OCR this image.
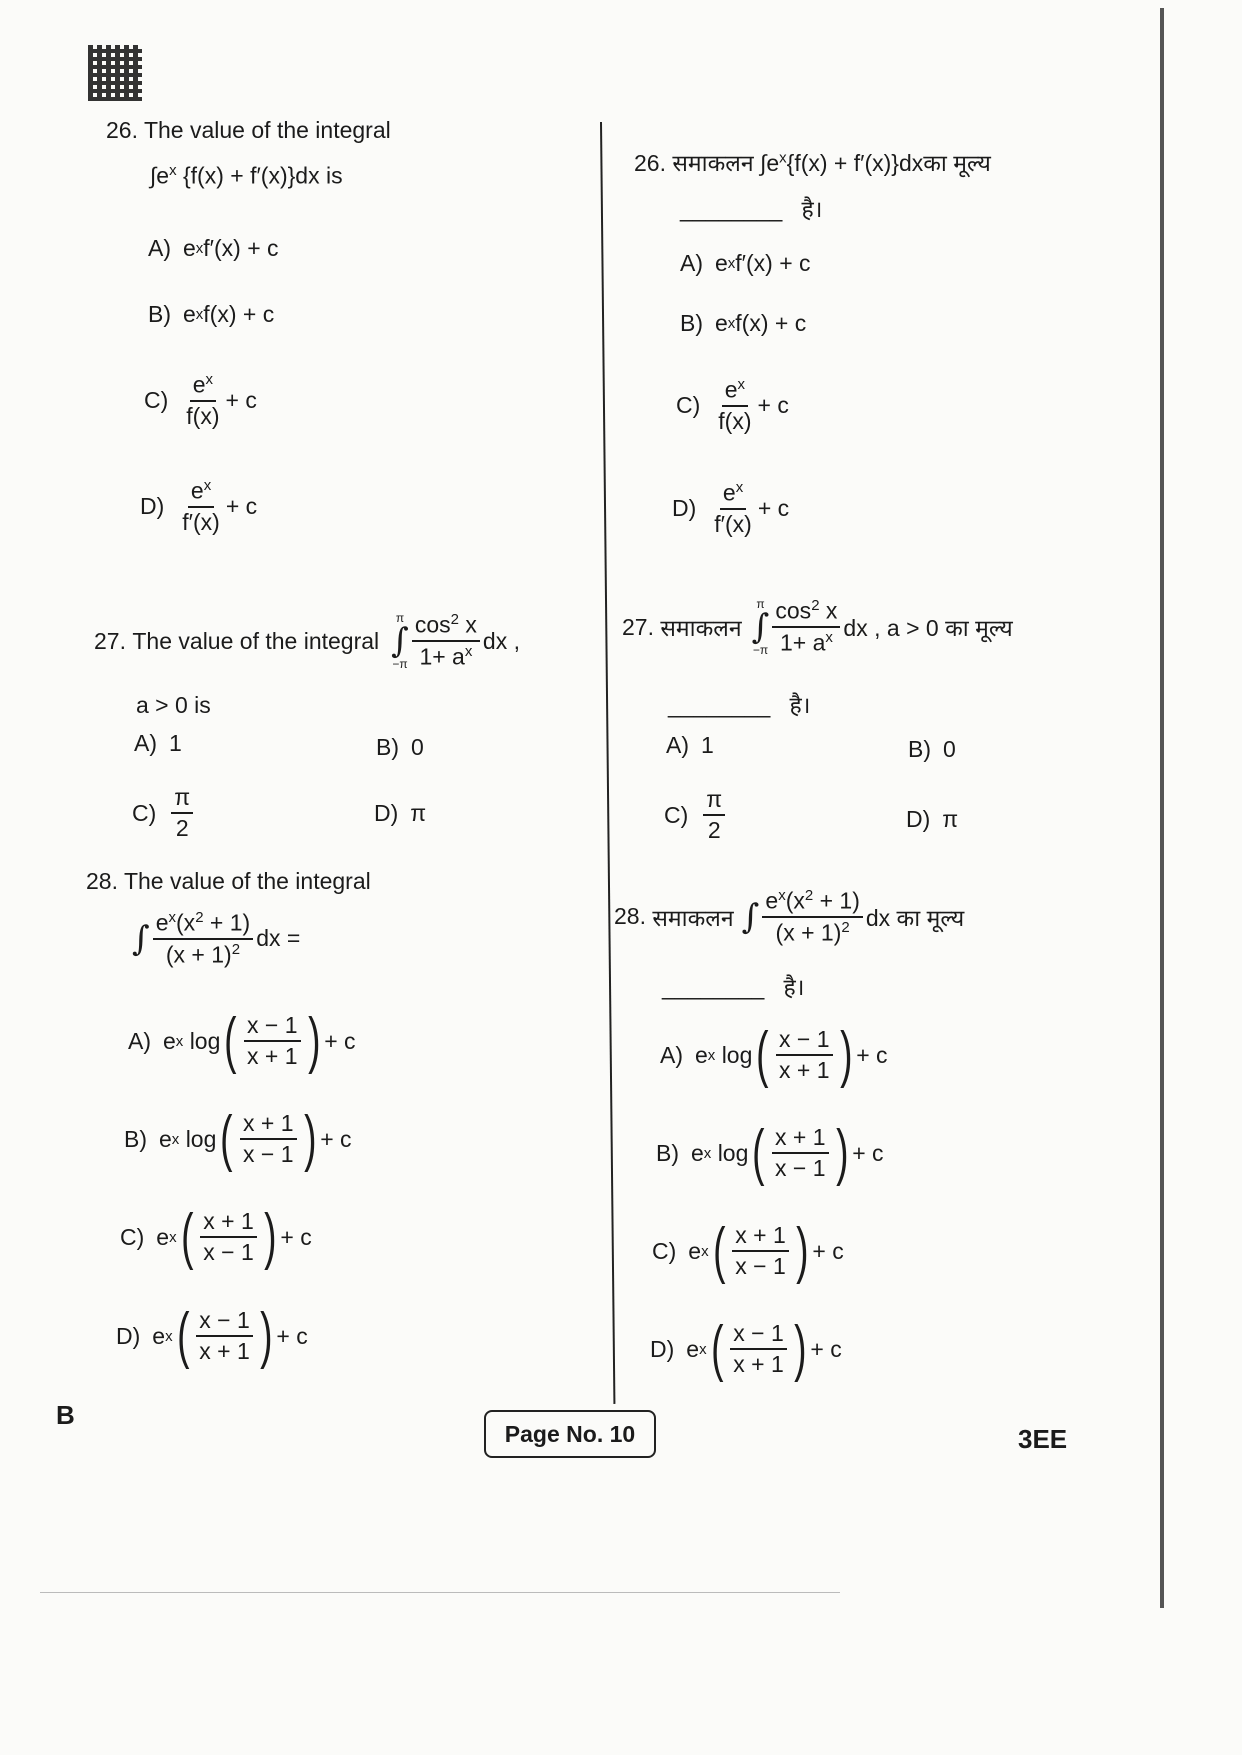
26. The value of the integral
$\int e^x$ {f(x) + f′(x)}dx is
A) e x f′(x) + c
B) e x f(x) + c
$C) \frac{e^x}{f(x)} + c$
$D) \frac{e^x}{f'(x)} + c$
27.
The value of the integral
π
∫
$-\pi \frac{\cos^2 x}{1+ a^x}$ dx ,
a > 0 is
A) 1	B) 0
$C) \frac{\pi}{2}$	D) π
28. The value of the integral
∫ $\frac{e^x(x^2 + 1)}{(x + 1)^2}$ dx =
A) e x
log ( $\frac{x - 1}{x + 1}$ ) + c
B) e x
log ( $\frac{x + 1}{x - 1}$ ) + c
C) e x ( $\frac{x + 1}{x - 1}$ ) + c
D) e x ( $\frac{x - 1}{x + 1}$ ) + c
26. समाकलन $\int e^x\{f(x)$ + f′(x)}dxका मूल्य
________ है।
A) e x f′(x) + c
B) e x f(x) + c
$C) \frac{e^x}{f(x)} + c$
$D) \frac{e^x}{f'(x)} + c$
27.
समाकलन
π
∫
$-\pi \frac{\cos^2 x}{1+ a^x}$ dx , a > 0 का मूल्य
________ है।
A) 1	B) 0
$C) \frac{\pi}{2}$	D) π
28.
समाकलन ∫ $\frac{e^x(x^2 + 1)}{(x + 1)^2}$ dx का मूल्य
________ है।
A) e x
log ( $\frac{x - 1}{x + 1}$ ) + c
B) e x
log ( $\frac{x + 1}{x - 1}$ ) + c
C) e x ( $\frac{x + 1}{x - 1}$ ) + c
D) e x ( $\frac{x - 1}{x + 1}$ ) + c
B
Page No. 10	3EE
